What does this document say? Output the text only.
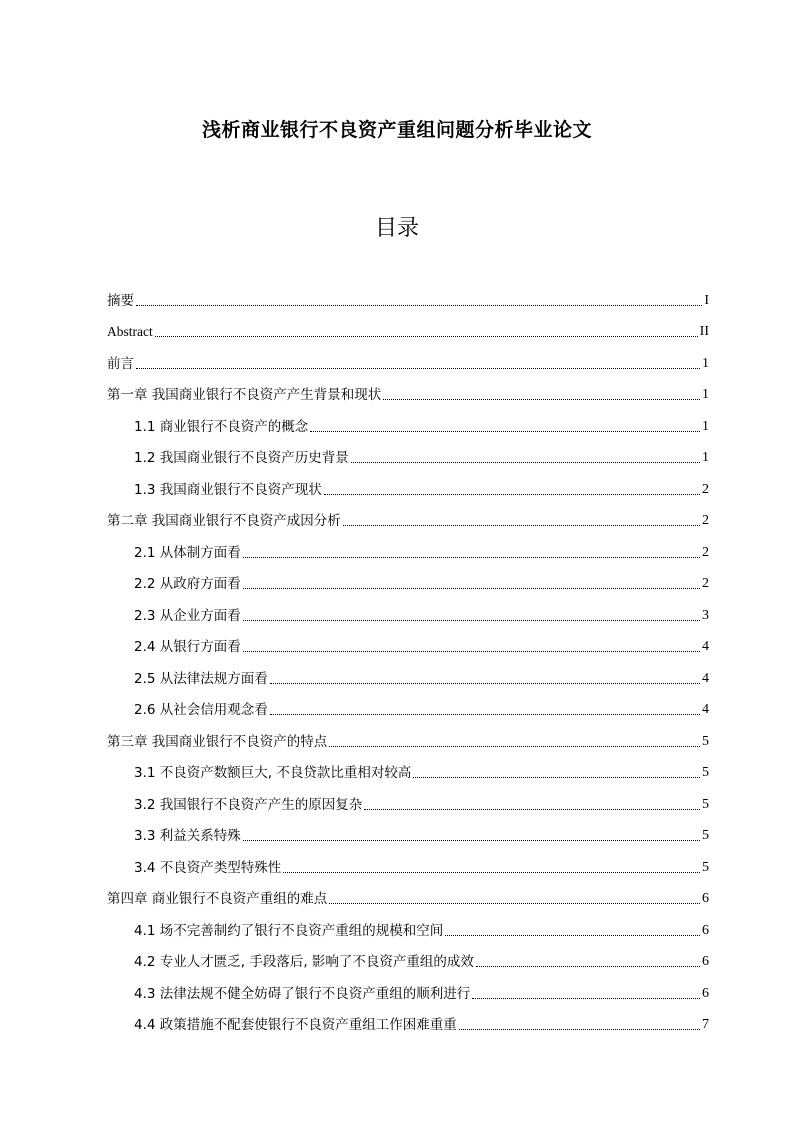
浅析商业银行不良资产重组问题分析毕业论文
目录
摘要	I
Abstract	II
前言	1
第一章 我国商业银行不良资产产生背景和现状	1
1.1 商业银行不良资产的概念	1
1.2 我国商业银行不良资产历史背景	1
1.3 我国商业银行不良资产现状	2
第二章 我国商业银行不良资产成因分析	2
2.1 从体制方面看	2
2.2 从政府方面看	2
2.3 从企业方面看	3
2.4 从银行方面看	4
2.5 从法律法规方面看	4
2.6 从社会信用观念看	4
第三章 我国商业银行不良资产的特点	5
3.1 不良资产数额巨大, 不良贷款比重相对较高	5
3.2 我国银行不良资产产生的原因复杂	5
3.3 利益关系特殊	5
3.4 不良资产类型特殊性	5
第四章 商业银行不良资产重组的难点	6
4.1 场不完善制约了银行不良资产重组的规模和空间	6
4.2 专业人才匮乏, 手段落后, 影响了不良资产重组的成效	6
4.3 法律法规不健全妨碍了银行不良资产重组的顺利进行	6
4.4 政策措施不配套使银行不良资产重组工作困难重重	7
